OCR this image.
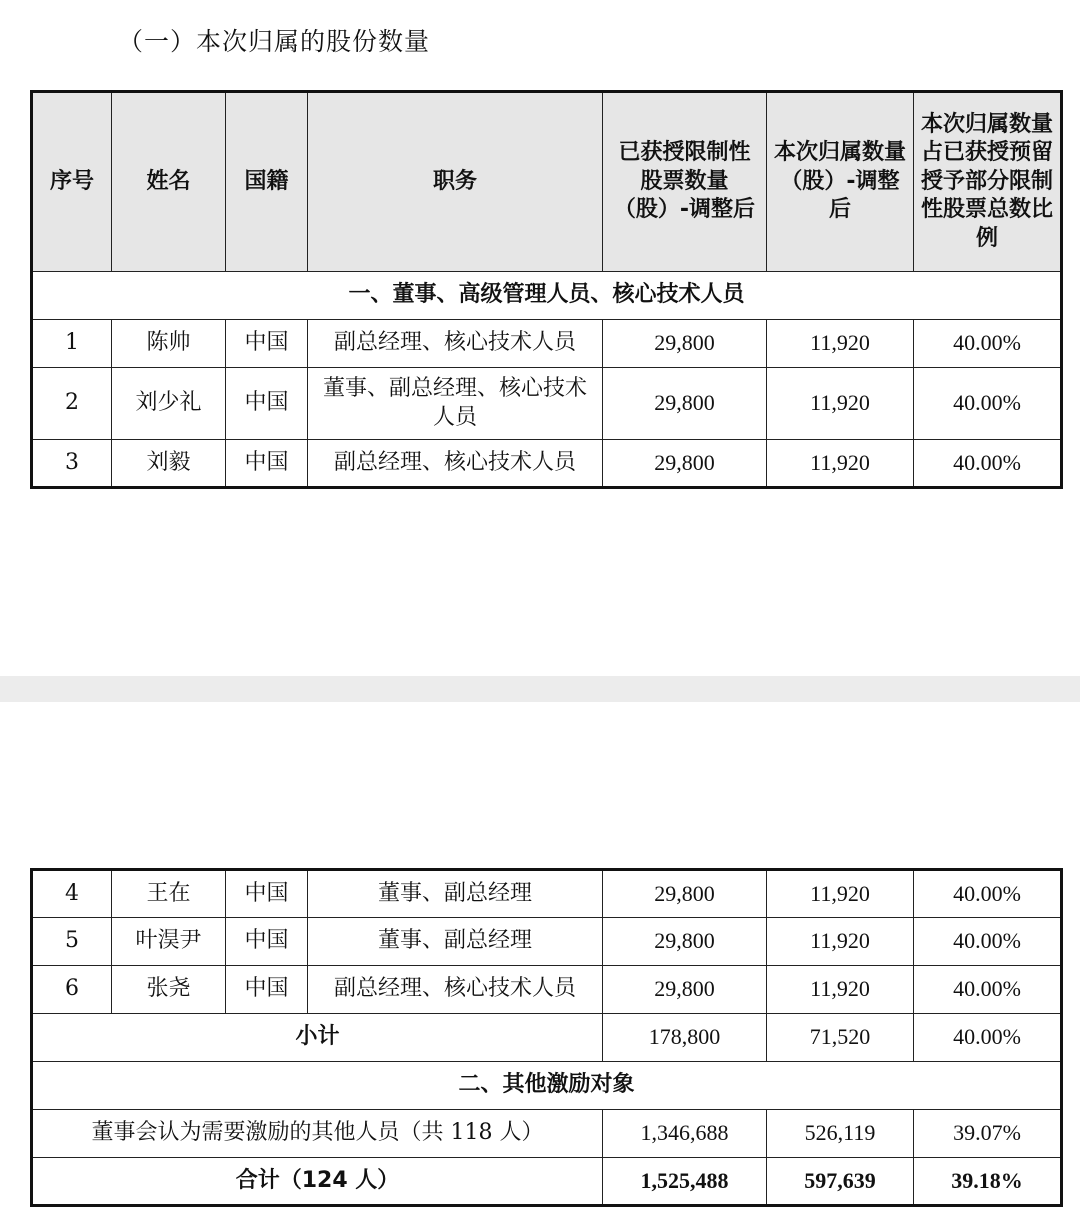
（一）本次归属的股份数量
序号	姓名	国籍	职务	已获授限制性股票数量（股）-调整后	本次归属数量（股）-调整后	本次归属数量占已获授预留授予部分限制性股票总数比例
一、董事、高级管理人员、核心技术人员						
1	陈帅	中国	副总经理、核心技术人员	29,800	11,920	40.00%
2	刘少礼	中国	董事、副总经理、核心技术人员	29,800	11,920	40.00%
3	刘毅	中国	副总经理、核心技术人员	29,800	11,920	40.00%
4	王在	中国	董事、副总经理	29,800	11,920	40.00%
5	叶淏尹	中国	董事、副总经理	29,800	11,920	40.00%
6	张尧	中国	副总经理、核心技术人员	29,800	11,920	40.00%
小计				178,800	71,520	40.00%
二、其他激励对象						
董事会认为需要激励的其他人员（共 118 人）				1,346,688	526,119	39.07%
合计（124 人）				1,525,488	597,639	39.18%
